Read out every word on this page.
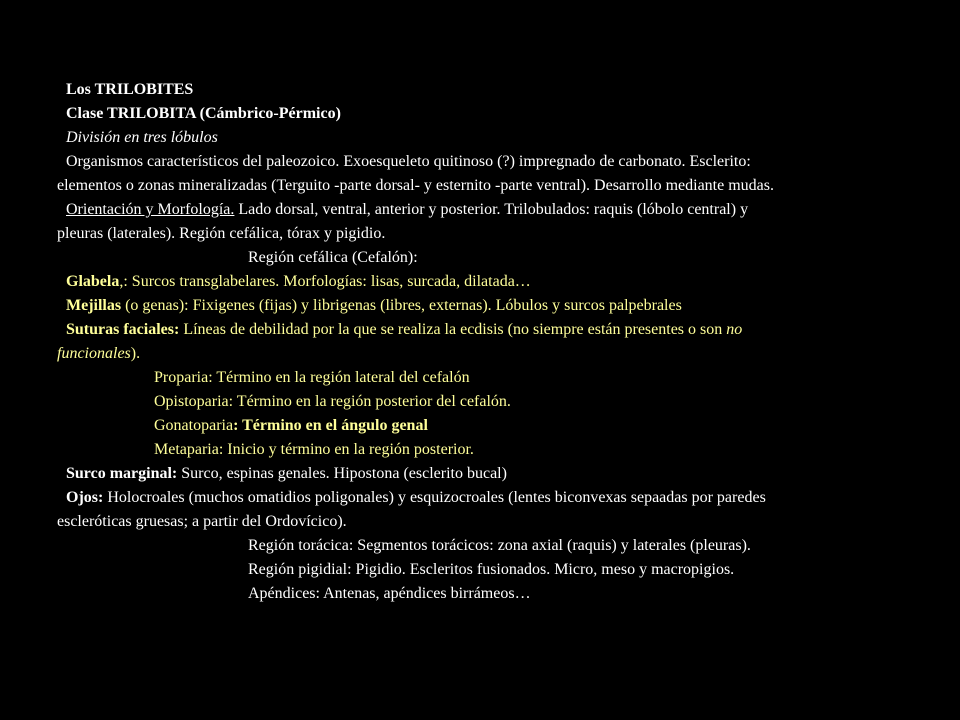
Los TRILOBITES
Clase TRILOBITA (Cámbrico-Pérmico)
División en tres lóbulos
Organismos característicos del paleozoico. Exoesqueleto quitinoso (?) impregnado de carbonato. Esclerito:
elementos o zonas mineralizadas (Terguito -parte dorsal- y esternito -parte ventral). Desarrollo mediante mudas.
Orientación y Morfología. Lado dorsal, ventral, anterior y posterior. Trilobulados: raquis (lóbolo central) y
pleuras (laterales). Región cefálica, tórax y pigidio.
Región cefálica (Cefalón):
Glabela,: Surcos transglabelares. Morfologías: lisas, surcada, dilatada…
Mejillas (o genas): Fixigenes (fijas) y librigenas (libres, externas). Lóbulos y surcos palpebrales
Suturas faciales: Líneas de debilidad por la que se realiza la ecdisis (no siempre están presentes o son no
funcionales).
Proparia: Término en la región lateral del cefalón
Opistoparia: Término en la región posterior del cefalón.
Gonatoparia: Término en el ángulo genal
Metaparia: Inicio y término en la región posterior.
Surco marginal: Surco, espinas genales. Hipostona (esclerito bucal)
Ojos: Holocroales (muchos omatidios poligonales) y esquizocroales (lentes biconvexas sepaadas por paredes
escleróticas gruesas; a partir del Ordovícico).
Región torácica: Segmentos torácicos: zona axial (raquis) y laterales (pleuras).
Región pigidial: Pigidio. Escleritos fusionados. Micro, meso y macropigios.
Apéndices: Antenas, apéndices birrámeos…
